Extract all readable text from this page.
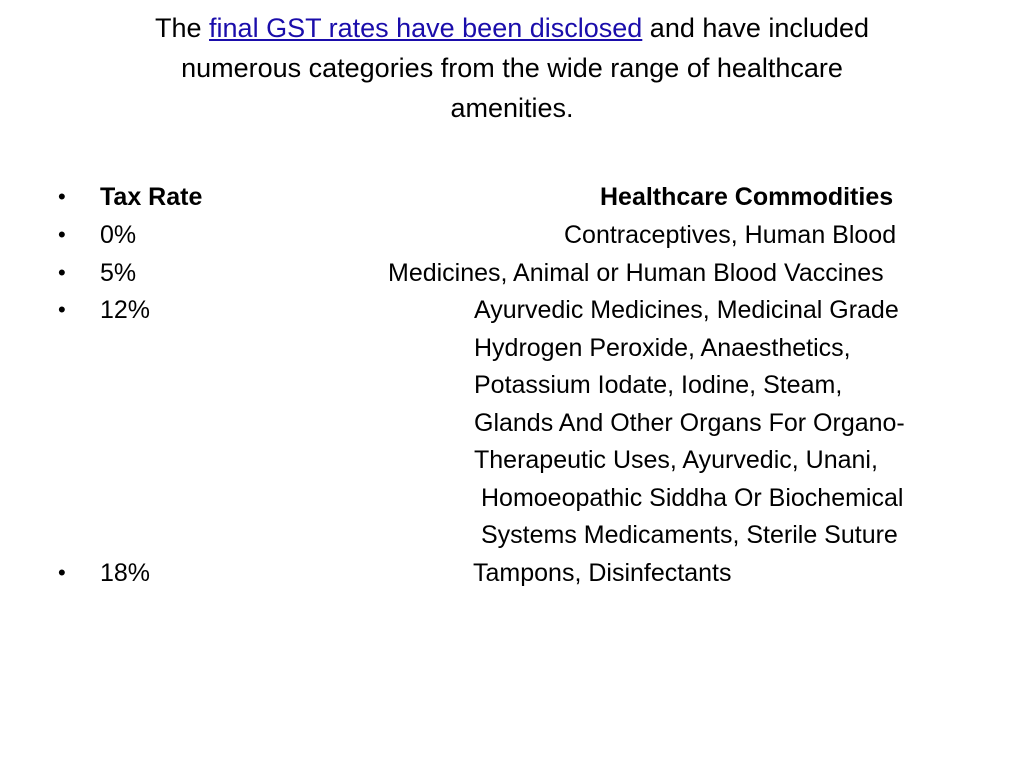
The final GST rates have been disclosed and have included
numerous categories from the wide range of healthcare
amenities.
• Tax Rate	Healthcare Commodities
• 0%	Contraceptives, Human Blood
• 5%	Medicines, Animal or Human Blood Vaccines
• 12%	Ayurvedic Medicines, Medicinal Grade
Hydrogen Peroxide, Anaesthetics,
Potassium Iodate, Iodine, Steam,
Glands And Other Organs For Organo-
Therapeutic Uses, Ayurvedic, Unani,
Homoeopathic Siddha Or Biochemical
Systems Medicaments, Sterile Suture
• 18%	Tampons, Disinfectants
